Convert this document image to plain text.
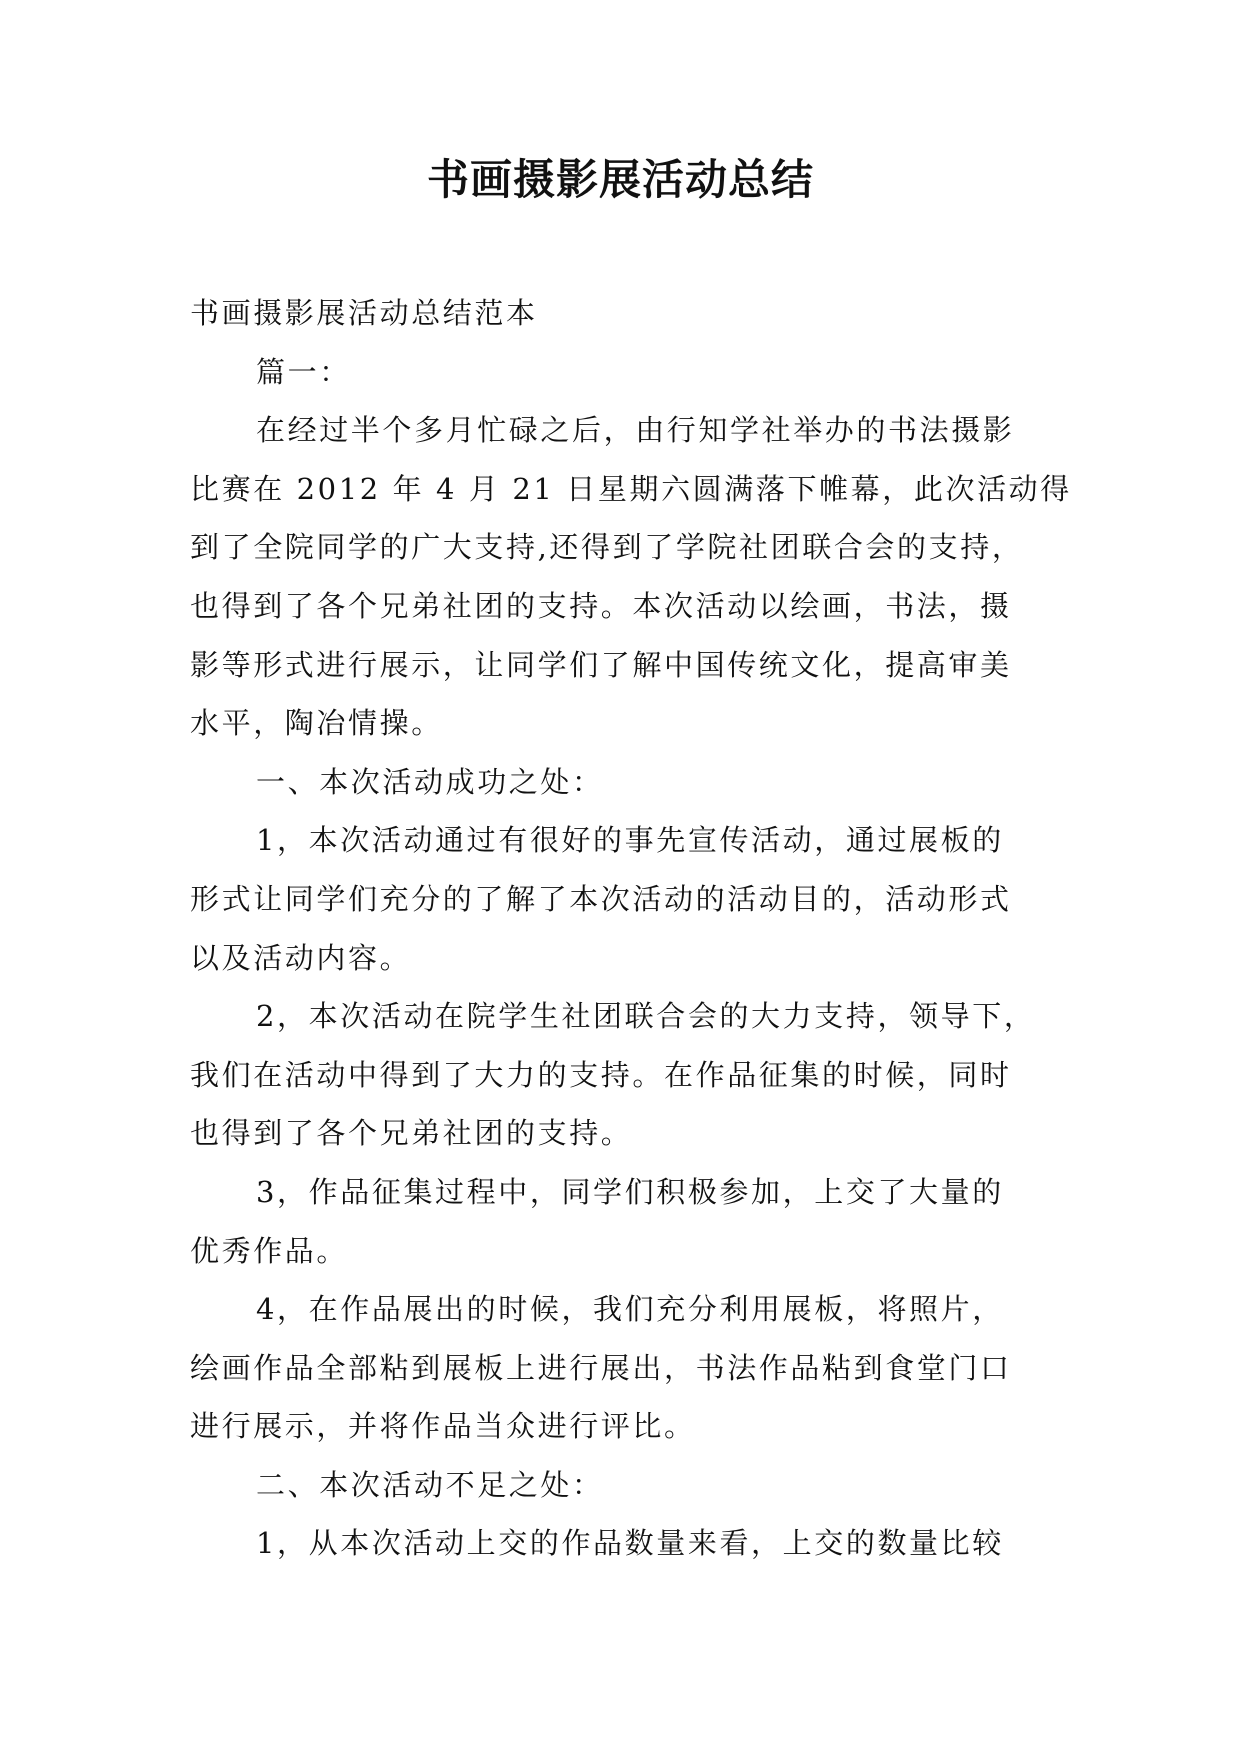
书画摄影展活动总结
书画摄影展活动总结范本
篇一：
在经过半个多月忙碌之后，由行知学社举办的书法摄影
比赛在 2012 年 4 月 21 日星期六圆满落下帷幕，此次活动得
到了全院同学的广大支持,还得到了学院社团联合会的支持，
也得到了各个兄弟社团的支持。本次活动以绘画，书法，摄
影等形式进行展示，让同学们了解中国传统文化，提高审美
水平，陶冶情操。
一、本次活动成功之处：
1，本次活动通过有很好的事先宣传活动，通过展板的
形式让同学们充分的了解了本次活动的活动目的，活动形式
以及活动内容。
2，本次活动在院学生社团联合会的大力支持，领导下，
我们在活动中得到了大力的支持。在作品征集的时候，同时
也得到了各个兄弟社团的支持。
3，作品征集过程中，同学们积极参加，上交了大量的
优秀作品。
4，在作品展出的时候，我们充分利用展板，将照片，
绘画作品全部粘到展板上进行展出，书法作品粘到食堂门口
进行展示，并将作品当众进行评比。
二、本次活动不足之处：
1，从本次活动上交的作品数量来看，上交的数量比较
